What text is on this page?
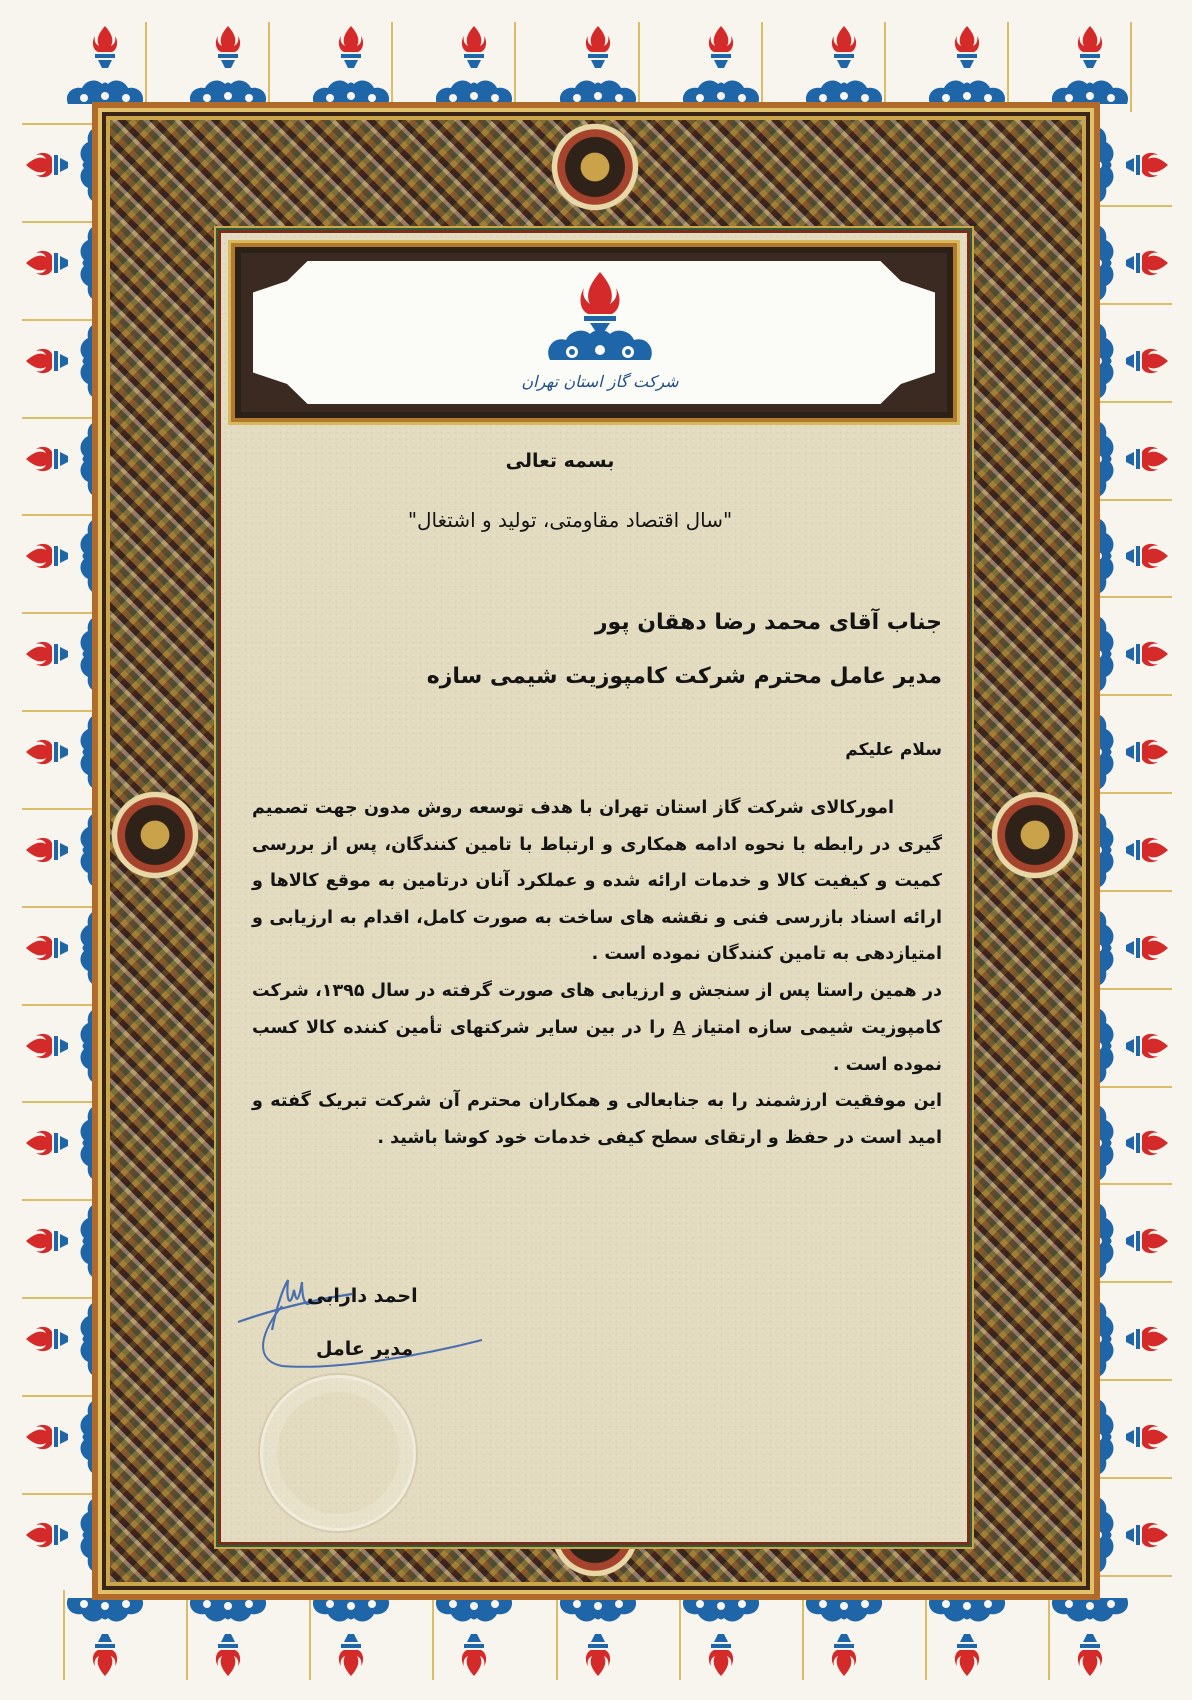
شرکت گاز استان تهران
بسمه تعالی
"سال اقتصاد مقاومتی، تولید و اشتغال"
جناب آقای محمد رضا دهقان پور
مدیر عامل محترم شرکت کامپوزیت شیمی سازه
سلام علیکم

امورکالای شرکت گاز استان تهران با هدف توسعه روش مدون جهت تصمیم گیری در رابطه با نحوه ادامه همکاری و ارتباط با تامین کنندگان، پس از بررسی کمیت و کیفیت کالا و خدمات ارائه شده و عملکرد آنان درتامین به موقع کالاها و ارائه اسناد بازرسی فنی و نقشه های ساخت به صورت کامل، اقدام به ارزیابی و امتیازدهی به تامین کنندگان نموده است .

در همین راستا پس از سنجش و ارزیابی های صورت گرفته در سال ۱۳۹۵، شرکت کامپوزیت شیمی سازه امتیاز A را در بین سایر شرکتهای تأمین کننده کالا کسب نموده است .

این موفقیت ارزشمند را به جنابعالی و همکاران محترم آن شرکت تبریک گفته و امید است در حفظ و ارتقای سطح کیفی خدمات خود کوشا باشید .

احمد دارابی
مدیر عامل
